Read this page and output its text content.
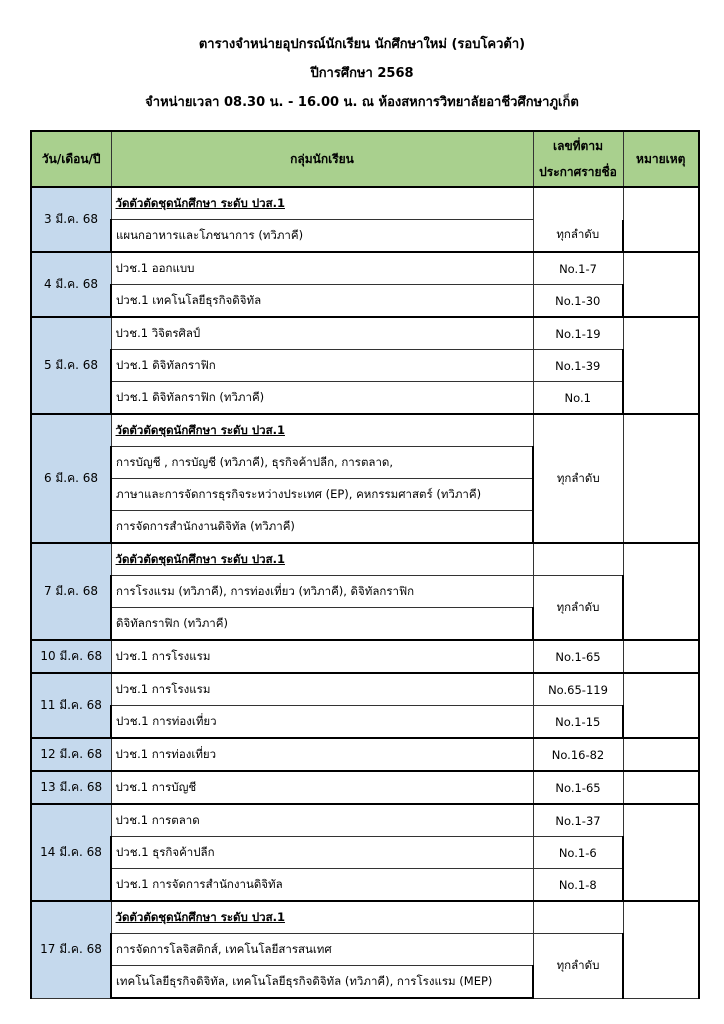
ตารางจำหน่ายอุปกรณ์นักเรียน นักศึกษาใหม่ (รอบโควต้า)
ปีการศึกษา 2568
จำหน่ายเวลา 08.30 น. - 16.00 น. ณ ห้องสหการวิทยาลัยอาชีวศึกษาภูเก็ต
วัน/เดือน/ปี	กลุ่มนักเรียน	เลขที่ตาม
ประกาศรายชื่อ	หมายเหตุ
3 มี.ค. 68	วัดตัวตัดชุดนักศึกษา ระดับ ปวส.1		
	แผนกอาหารและโภชนาการ (ทวิภาคี)	ทุกลำดับ	
4 มี.ค. 68	ปวช.1 ออกแบบ	No.1-7	
	ปวช.1 เทคโนโลยีธุรกิจดิจิทัล	No.1-30	
5 มี.ค. 68	ปวช.1 วิจิตรศิลป์	No.1-19	
	ปวช.1 ดิจิทัลกราฟิก	No.1-39	
	ปวช.1 ดิจิทัลกราฟิก (ทวิภาคี)	No.1	
6 มี.ค. 68	วัดตัวตัดชุดนักศึกษา ระดับ ปวส.1	ทุกลำดับ	
	การบัญชี , การบัญชี (ทวิภาคี), ธุรกิจค้าปลีก, การตลาด,		
	ภาษาและการจัดการธุรกิจระหว่างประเทศ (EP), คหกรรมศาสตร์ (ทวิภาคี)		
	การจัดการสำนักงานดิจิทัล (ทวิภาคี)		
7 มี.ค. 68	วัดตัวตัดชุดนักศึกษา ระดับ ปวส.1		
	การโรงแรม (ทวิภาคี), การท่องเที่ยว (ทวิภาคี), ดิจิทัลกราฟิก	ทุกลำดับ	
	ดิจิทัลกราฟิก (ทวิภาคี)		
10 มี.ค. 68	ปวช.1 การโรงแรม	No.1-65	
11 มี.ค. 68	ปวช.1 การโรงแรม	No.65-119	
	ปวช.1 การท่องเที่ยว	No.1-15	
12 มี.ค. 68	ปวช.1 การท่องเที่ยว	No.16-82	
13 มี.ค. 68	ปวช.1 การบัญชี	No.1-65	
14 มี.ค. 68	ปวช.1 การตลาด	No.1-37	
	ปวช.1 ธุรกิจค้าปลีก	No.1-6	
	ปวช.1 การจัดการสำนักงานดิจิทัล	No.1-8	
17 มี.ค. 68	วัดตัวตัดชุดนักศึกษา ระดับ ปวส.1		
	การจัดการโลจิสติกส์, เทคโนโลยีสารสนเทศ	ทุกลำดับ	
	เทคโนโลยีธุรกิจดิจิทัล, เทคโนโลยีธุรกิจดิจิทัล (ทวิภาคี), การโรงแรม (MEP)		
